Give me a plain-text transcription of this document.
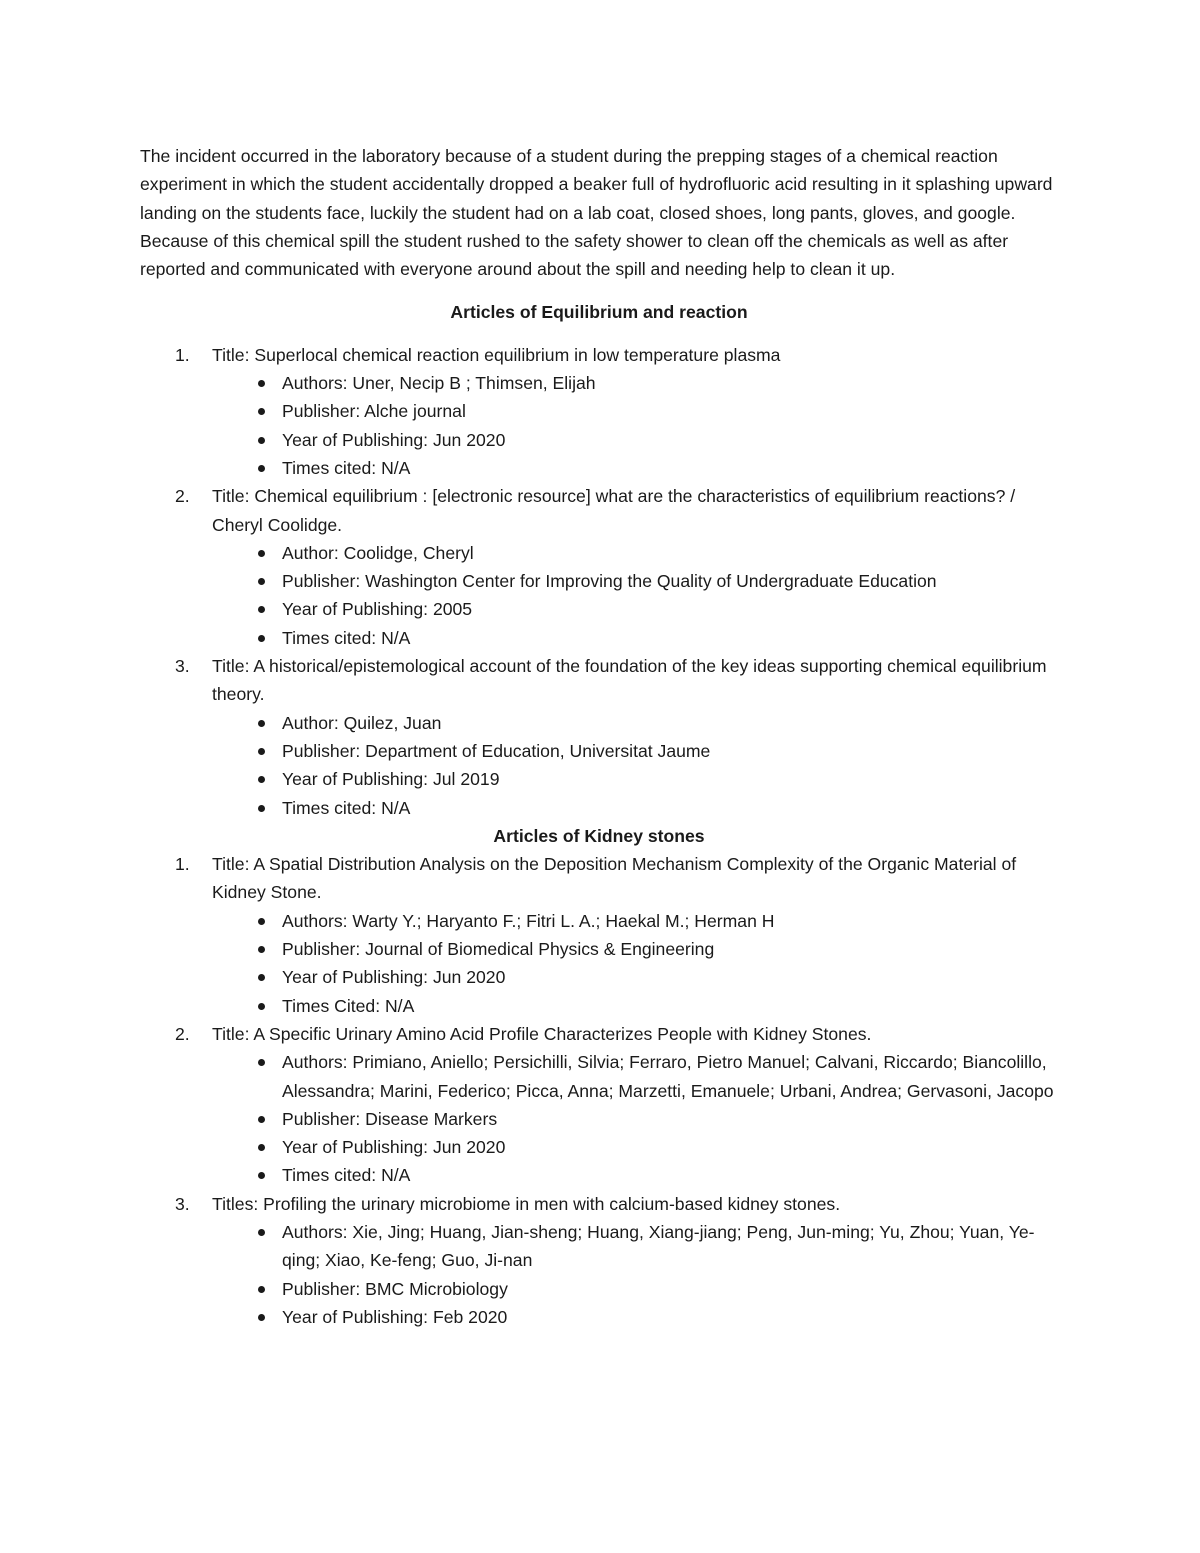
The incident occurred in the laboratory because of a student during the prepping stages of a chemical reaction experiment in which the student accidentally dropped a beaker full of hydrofluoric acid resulting in it splashing upward landing on the students face, luckily the student had on a lab coat, closed shoes, long pants, gloves, and google. Because of this chemical spill the student rushed to the safety shower to clean off the chemicals as well as after reported and communicated with everyone around about the spill and needing help to clean it up.

Articles of Equilibrium and reaction
1. Title: Superlocal chemical reaction equilibrium in low temperature plasma
Authors: Uner, Necip B ; Thimsen, Elijah
Publisher: Alche journal
Year of Publishing: Jun 2020
Times cited: N/A
2. Title: Chemical equilibrium : [electronic resource] what are the characteristics of equilibrium reactions? / Cheryl Coolidge.
Author: Coolidge, Cheryl
Publisher: Washington Center for Improving the Quality of Undergraduate Education
Year of Publishing: 2005
Times cited: N/A
3. Title: A historical/epistemological account of the foundation of the key ideas supporting chemical equilibrium theory.
Author: Quilez, Juan
Publisher: Department of Education, Universitat Jaume
Year of Publishing: Jul 2019
Times cited: N/A
Articles of Kidney stones
1. Title: A Spatial Distribution Analysis on the Deposition Mechanism Complexity of the Organic Material of Kidney Stone.
Authors: Warty Y.; Haryanto F.; Fitri L. A.; Haekal M.; Herman H
Publisher: Journal of Biomedical Physics & Engineering
Year of Publishing: Jun 2020
Times Cited: N/A
2. Title: A Specific Urinary Amino Acid Profile Characterizes People with Kidney Stones.
Authors: Primiano, Aniello; Persichilli, Silvia; Ferraro, Pietro Manuel; Calvani, Riccardo; Biancolillo, Alessandra; Marini, Federico; Picca, Anna; Marzetti, Emanuele; Urbani, Andrea; Gervasoni, Jacopo
Publisher: Disease Markers
Year of Publishing: Jun 2020
Times cited: N/A
3. Titles: Profiling the urinary microbiome in men with calcium-based kidney stones.
Authors: Xie, Jing; Huang, Jian-sheng; Huang, Xiang-jiang; Peng, Jun-ming; Yu, Zhou; Yuan, Ye-qing; Xiao, Ke-feng; Guo, Ji-nan
Publisher: BMC Microbiology
Year of Publishing: Feb 2020
